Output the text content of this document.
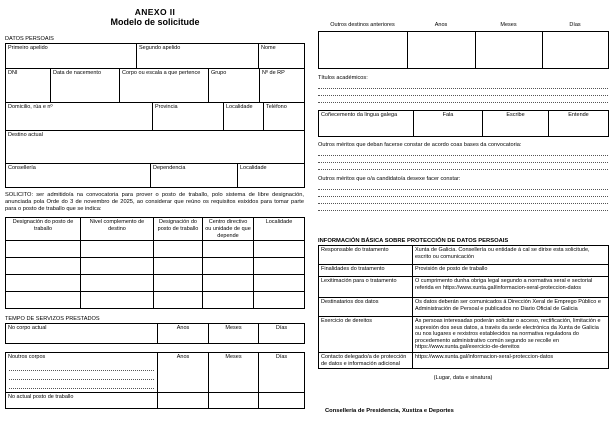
ANEXO II
Modelo de solicitude
DATOS PERSOAIS
Primeiro apelido	Segundo apelido	Nome
DNI	Data de nacemento	Corpo ou escala a que pertence	Grupo	Nº de RP
Domicilio, rúa e nº	Provincia	Localidade	Teléfono
Destino actual
Consellería	Dependencia	Localidade
SOLICITO: ser admitido/a na convocatoria para prover o posto de traballo, polo sistema de libre designación, anunciada pola Orde do 3 de novembro de 2025, ao considerar que reúno os requisitos esixidos para tomar parte para o posto de traballo que se indica:
Designación do posto de traballo	Nivel complemento de destino	Designación do posto de traballo	Centro directivo ou unidade de que depende	Localidade

TEMPO DE SERVIZOS PRESTADOS
No corpo actual	Anos	Meses	Días
Noutros corpos	Anos	Meses	Días
No actual posto de traballo			
Outros destinos anteriores	Anos	Meses	Días

Títulos académicos:
Coñecemento da lingua galega	Fala	Escribe	Entende
Outros méritos que deban facerse constar de acordo coas bases da convocatoria:
Outros méritos que o/a candidato/a desexe facer constar:
INFORMACIÓN BÁSICA SOBRE PROTECCIÓN DE DATOS PERSOAIS
Responsable do tratamento	Xunta de Galicia. Consellería ou entidade á cal se dirixe esta solicitude, escrito ou comunicación
Finalidades do tratamento	Provisión de posto de traballo
Lexitimación para o tratamento	O cumprimento dunha obriga legal segundo a normativa xeral e sectorial referida en https://www.xunta.gal/informacion-xeral-proteccion-datos
Destinatarios dos datos	Os datos deberán ser comunicados á Dirección Xeral de Emprego Público e Administración de Persoal e publicados no Diario Oficial de Galicia
Exercicio de dereitos	As persoas interesadas poderán solicitar o acceso, rectificación, limitación e supresión dos seus datos, a través da sede electrónica da Xunta de Galicia ou nos lugares e rexistros establecidos na normativa reguladora do procedemento administrativo común segundo se recolle en https://www.xunta.gal/exercicio-de-dereitos
Contacto delegado/a de protección de datos e información adicional	https://www.xunta.gal/informacion-xeral-proteccion-datos
(Lugar, data e sinatura)
Consellería de Presidencia, Xustiza e Deportes
